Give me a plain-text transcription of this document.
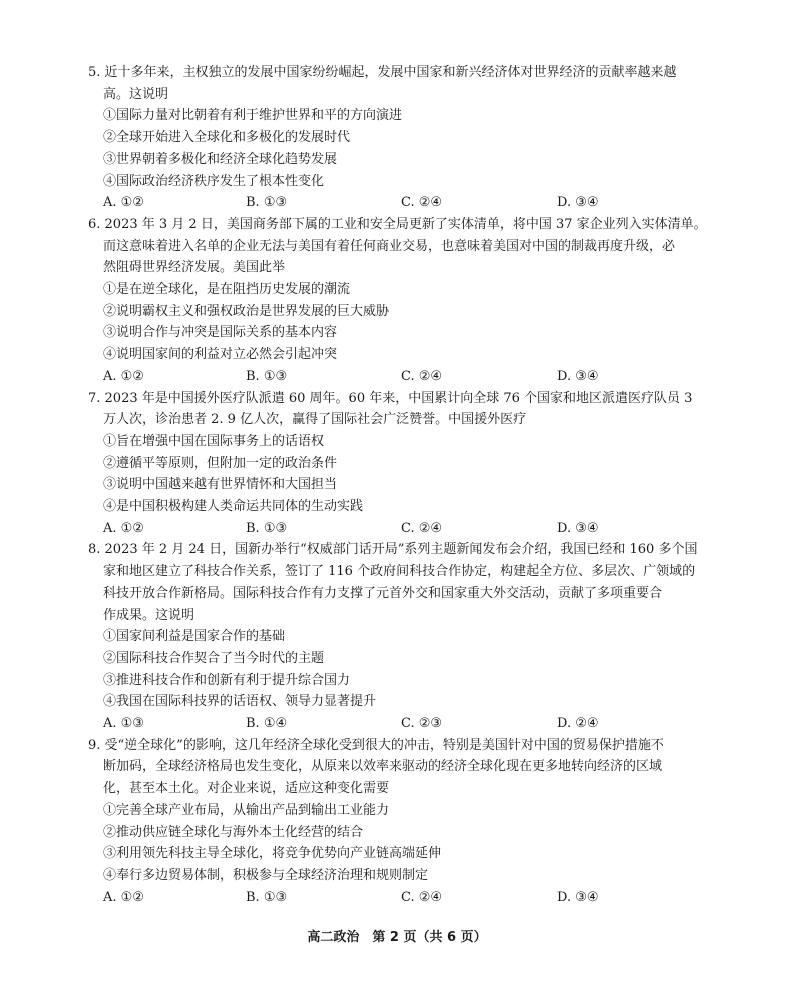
5. 近十多年来，主权独立的发展中国家纷纷崛起，发展中国家和新兴经济体对世界经济的贡献率越来越
高。这说明
①国际力量对比朝着有利于维护世界和平的方向演进
②全球开始进入全球化和多极化的发展时代
③世界朝着多极化和经济全球化趋势发展
④国际政治经济秩序发生了根本性变化
A. ①②	B. ①③	C. ②④	D. ③④
6. 2023 年 3 月 2 日，美国商务部下属的工业和安全局更新了实体清单，将中国 37 家企业列入实体清单。
而这意味着进入名单的企业无法与美国有着任何商业交易，也意味着美国对中国的制裁再度升级，必
然阻碍世界经济发展。美国此举
①是在逆全球化，是在阻挡历史发展的潮流
②说明霸权主义和强权政治是世界发展的巨大威胁
③说明合作与冲突是国际关系的基本内容
④说明国家间的利益对立必然会引起冲突
A. ①②	B. ①③	C. ②④	D. ③④
7. 2023 年是中国援外医疗队派遣 60 周年。60 年来，中国累计向全球 76 个国家和地区派遣医疗队员 3
万人次，诊治患者 2. 9 亿人次，赢得了国际社会广泛赞誉。中国援外医疗
①旨在增强中国在国际事务上的话语权
②遵循平等原则，但附加一定的政治条件
③说明中国越来越有世界情怀和大国担当
④是中国积极构建人类命运共同体的生动实践
A. ①②	B. ①③	C. ②④	D. ③④
8. 2023 年 2 月 24 日，国新办举行“权威部门话开局”系列主题新闻发布会介绍，我国已经和 160 多个国
家和地区建立了科技合作关系，签订了 116 个政府间科技合作协定，构建起全方位、多层次、广领域的
科技开放合作新格局。国际科技合作有力支撑了元首外交和国家重大外交活动，贡献了多项重要合
作成果。这说明
①国家间利益是国家合作的基础
②国际科技合作契合了当今时代的主题
③推进科技合作和创新有利于提升综合国力
④我国在国际科技界的话语权、领导力显著提升
A. ①③	B. ①④	C. ②③	D. ②④
9. 受“逆全球化”的影响，这几年经济全球化受到很大的冲击，特别是美国针对中国的贸易保护措施不
断加码，全球经济格局也发生变化，从原来以效率来驱动的经济全球化现在更多地转向经济的区域
化，甚至本土化。对企业来说，适应这种变化需要
①完善全球产业布局，从输出产品到输出工业能力
②推动供应链全球化与海外本土化经营的结合
③利用领先科技主导全球化，将竞争优势向产业链高端延伸
④奉行多边贸易体制，积极参与全球经济治理和规则制定
A. ①②	B. ①③	C. ②④	D. ③④
高二政治　第 2 页（共 6 页）
